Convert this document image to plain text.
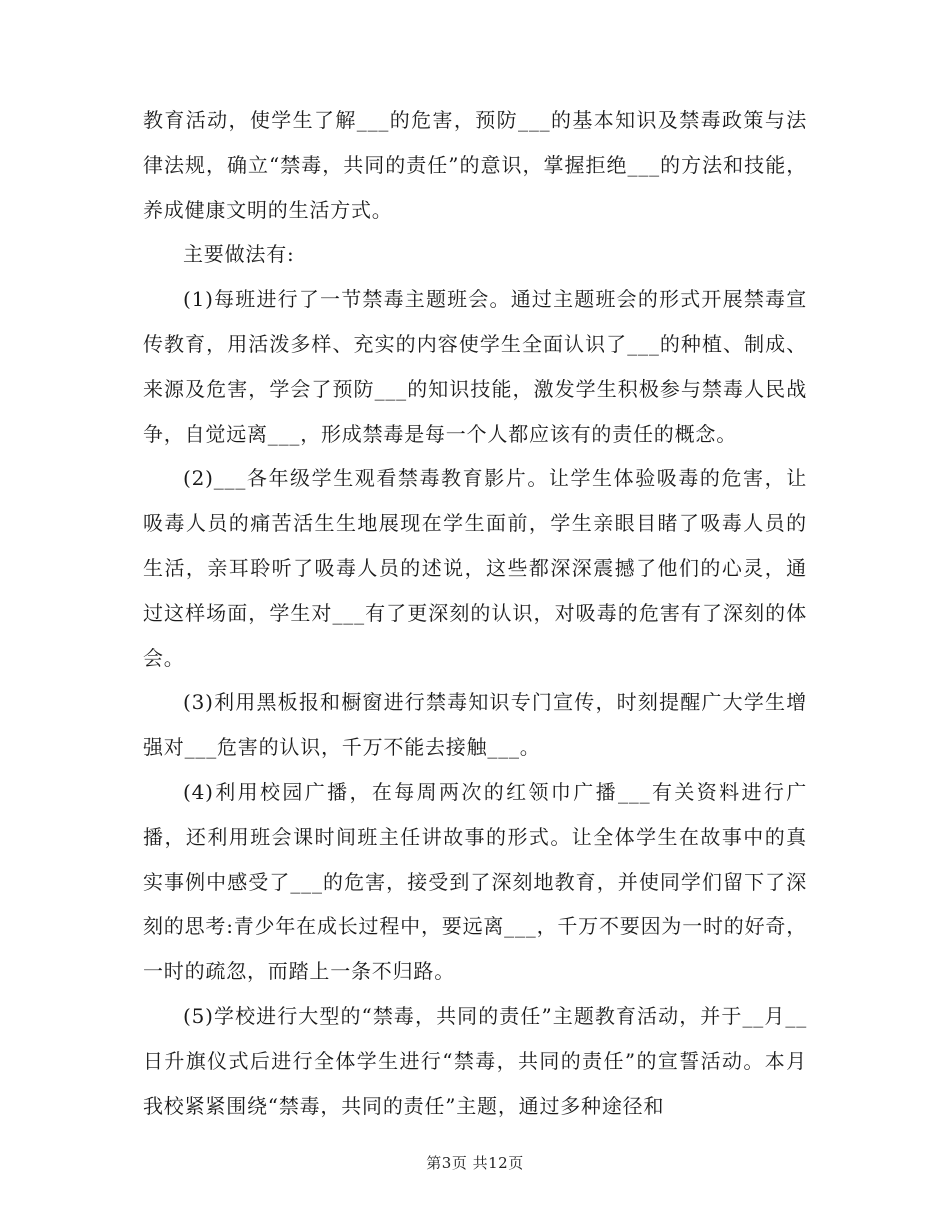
教育活动，使学生了解___的危害，预防___的基本知识及禁毒政策与法律法规，确立“禁毒，共同的责任”的意识，掌握拒绝___的方法和技能，养成健康文明的生活方式。

主要做法有:

(1)每班进行了一节禁毒主题班会。通过主题班会的形式开展禁毒宣传教育，用活泼多样、充实的内容使学生全面认识了___的种植、制成、来源及危害，学会了预防___的知识技能，激发学生积极参与禁毒人民战争，自觉远离___，形成禁毒是每一个人都应该有的责任的概念。

(2)___各年级学生观看禁毒教育影片。让学生体验吸毒的危害，让吸毒人员的痛苦活生生地展现在学生面前，学生亲眼目睹了吸毒人员的生活，亲耳聆听了吸毒人员的述说，这些都深深震撼了他们的心灵，通过这样场面，学生对___有了更深刻的认识，对吸毒的危害有了深刻的体会。

(3)利用黑板报和橱窗进行禁毒知识专门宣传，时刻提醒广大学生增强对___危害的认识，千万不能去接触___。

(4)利用校园广播，在每周两次的红领巾广播___有关资料进行广播，还利用班会课时间班主任讲故事的形式。让全体学生在故事中的真实事例中感受了___的危害，接受到了深刻地教育，并使同学们留下了深刻的思考:青少年在成长过程中，要远离___，千万不要因为一时的好奇，一时的疏忽，而踏上一条不归路。

(5)学校进行大型的“禁毒，共同的责任”主题教育活动，并于__月__日升旗仪式后进行全体学生进行“禁毒，共同的责任”的宣誓活动。本月我校紧紧围绕“禁毒，共同的责任”主题，通过多种途径和

第3页 共12页
